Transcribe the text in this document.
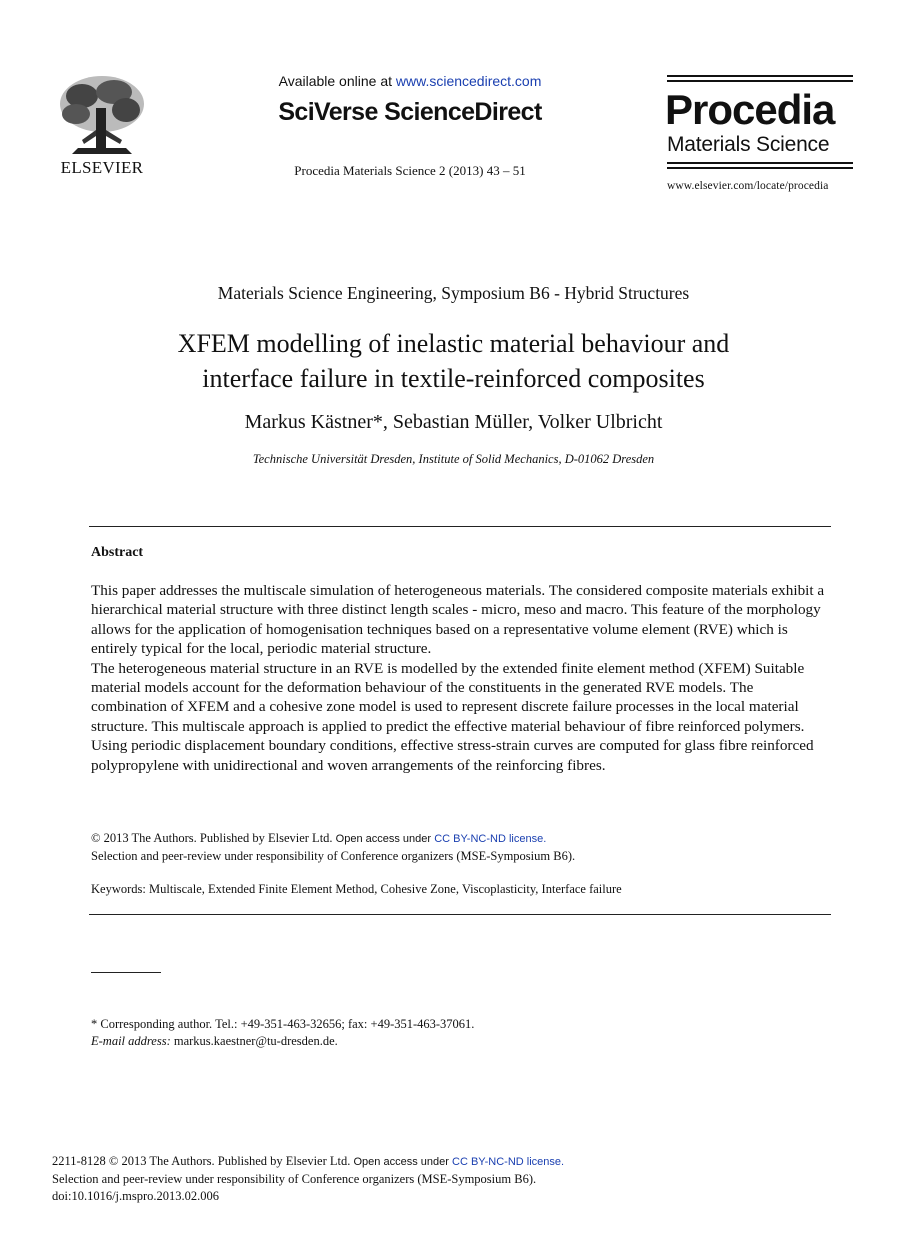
ELSEVIER
Available online at www.sciencedirect.com
SciVerse ScienceDirect
Procedia Materials Science 2 (2013) 43 – 51
Procedia
Materials Science
www.elsevier.com/locate/procedia
Materials Science Engineering, Symposium B6 - Hybrid Structures
XFEM modelling of inelastic material behaviour and
interface failure in textile-reinforced composites
Markus Kästner*, Sebastian Müller, Volker Ulbricht
Technische Universität Dresden, Institute of Solid Mechanics, D-01062 Dresden
Abstract

This paper addresses the multiscale simulation of heterogeneous materials. The considered composite materials exhibit a hierarchical material structure with three distinct length scales - micro, meso and macro. This feature of the morphology allows for the application of homogenisation techniques based on a representative volume element (RVE) which is entirely typical for the local, periodic material structure.

The heterogeneous material structure in an RVE is modelled by the extended finite element method (XFEM) Suitable material models account for the deformation behaviour of the constituents in the generated RVE models. The combination of XFEM and a cohesive zone model is used to represent discrete failure processes in the local material structure. This multiscale approach is applied to predict the effective material behaviour of fibre reinforced polymers. Using periodic displacement boundary conditions, effective stress-strain curves are computed for glass fibre reinforced polypropylene with unidirectional and woven arrangements of the reinforcing fibres.

© 2013 The Authors. Published by Elsevier Ltd. Open access under CC BY-NC-ND license.
Selection and peer-review under responsibility of Conference organizers (MSE-Symposium B6).
Keywords: Multiscale, Extended Finite Element Method, Cohesive Zone, Viscoplasticity, Interface failure
* Corresponding author. Tel.: +49-351-463-32656; fax: +49-351-463-37061.
E-mail address: markus.kaestner@tu-dresden.de.
2211-8128 © 2013 The Authors. Published by Elsevier Ltd. Open access under CC BY-NC-ND license.
Selection and peer-review under responsibility of Conference organizers (MSE-Symposium B6).
doi:10.1016/j.mspro.2013.02.006
